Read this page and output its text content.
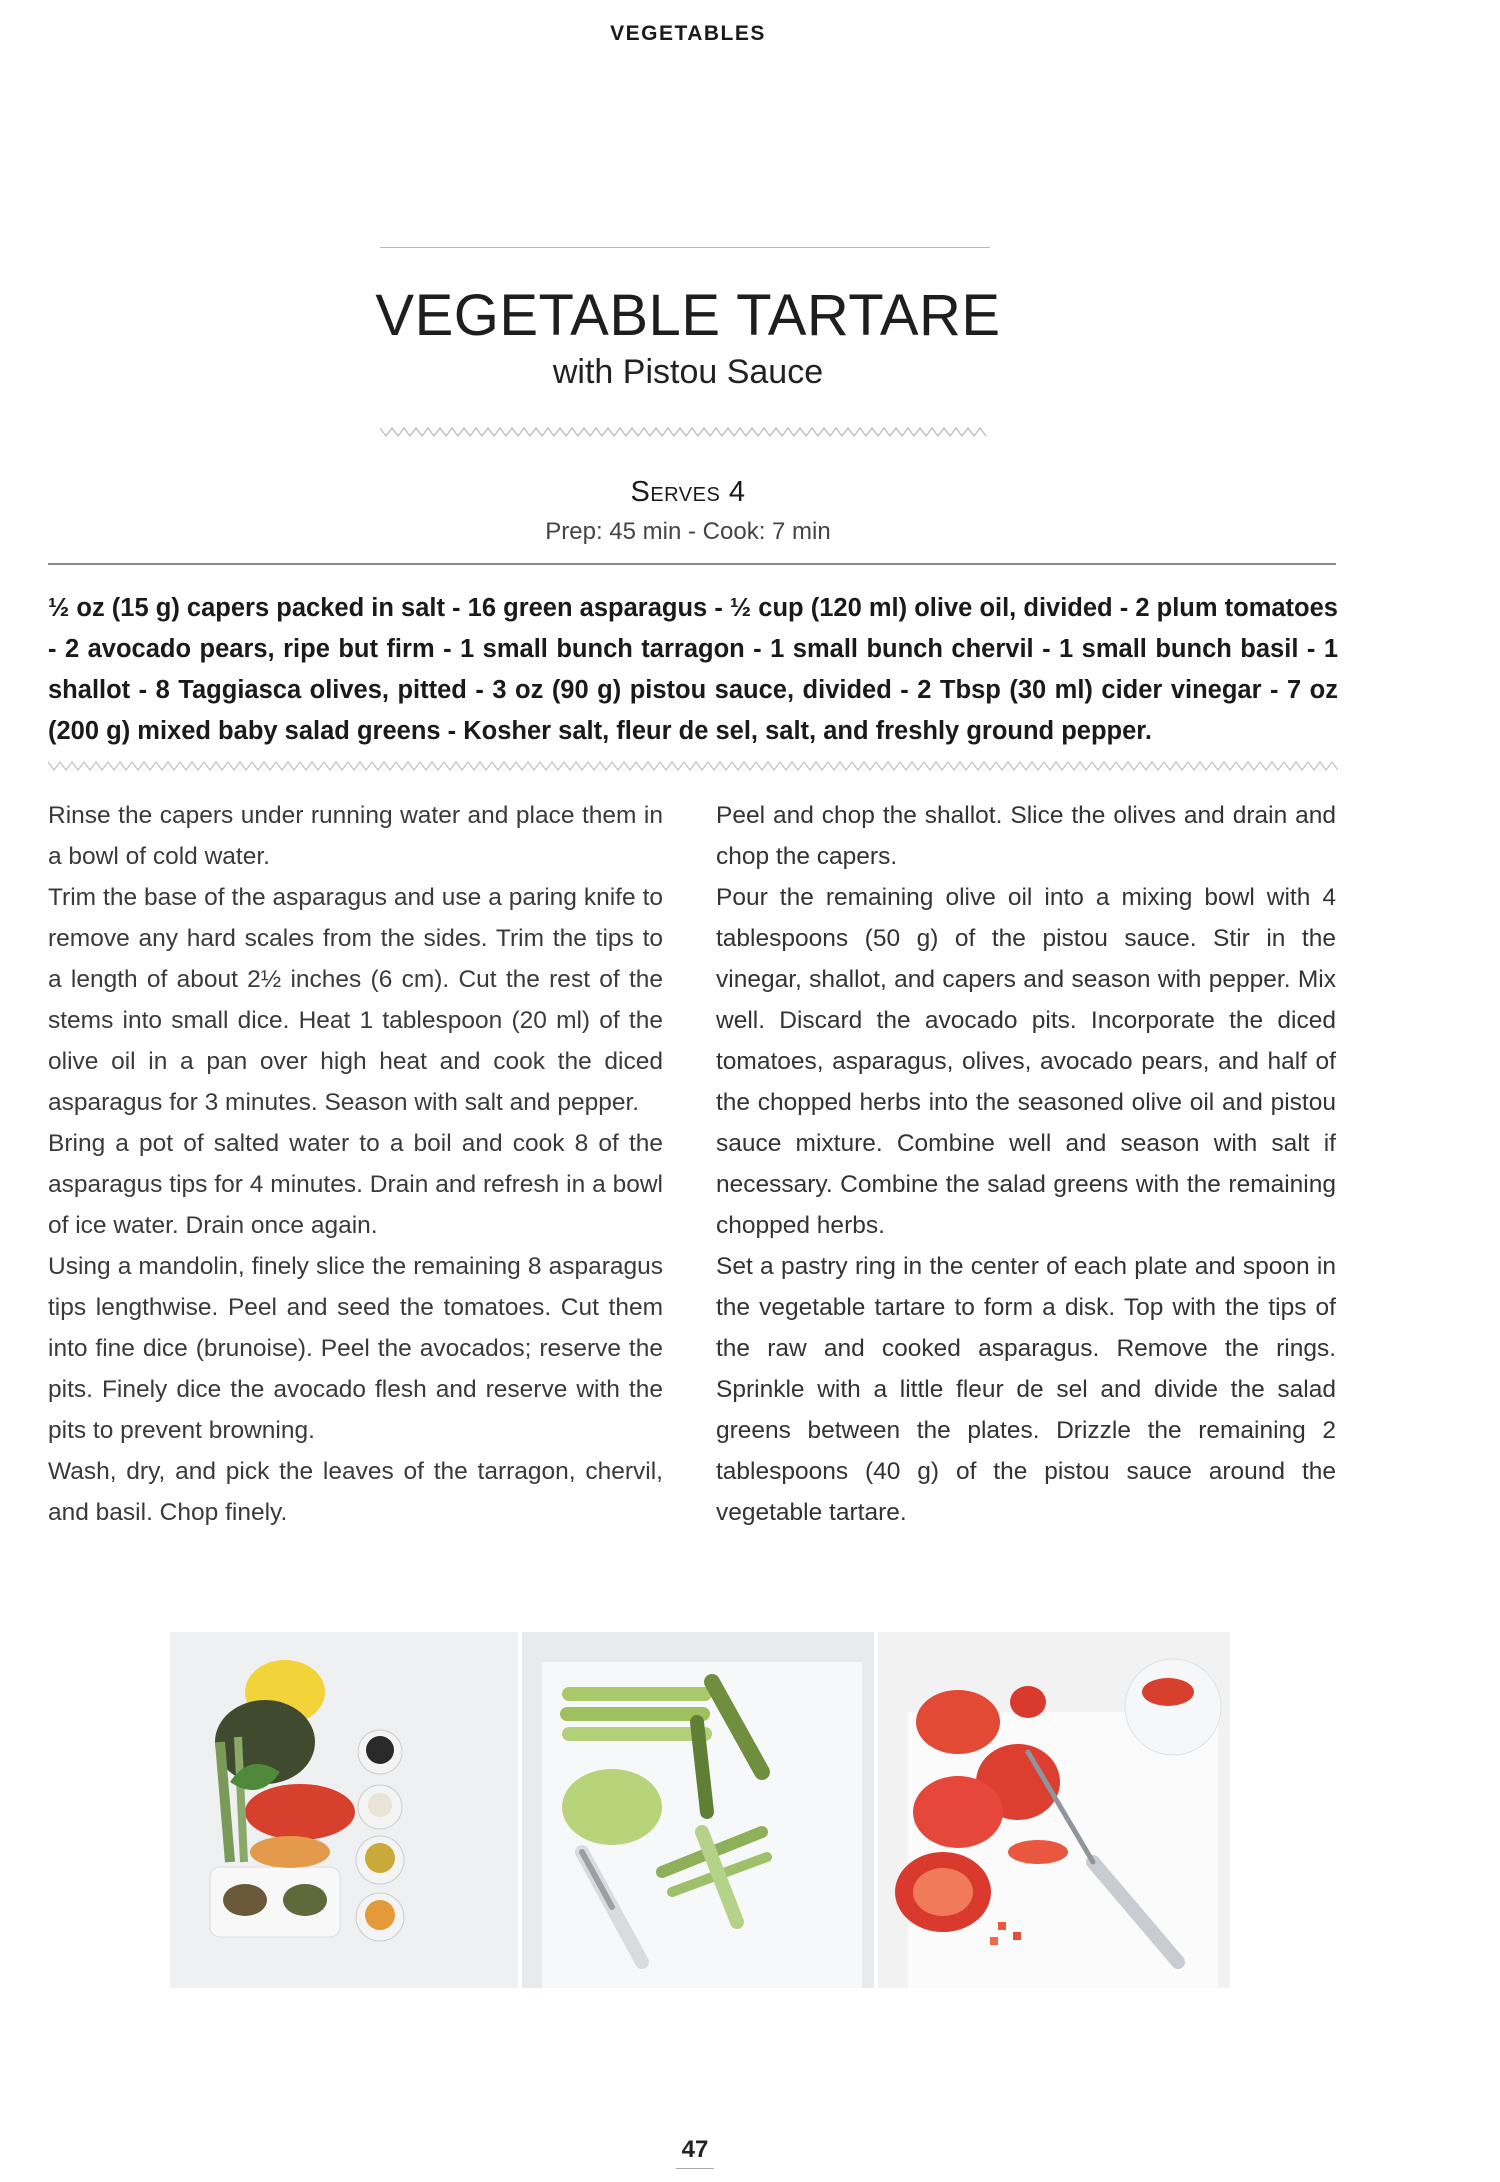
VEGETABLES
VEGETABLE TARTARE
with Pistou Sauce
Serves 4
Prep: 45 min - Cook: 7 min
½ oz (15 g) capers packed in salt - 16 green asparagus - ½ cup (120 ml) olive oil, divided - 2 plum tomatoes - 2 avocado pears, ripe but firm - 1 small bunch tarragon - 1 small bunch chervil - 1 small bunch basil - 1 shallot - 8 Taggiasca olives, pitted - 3 oz (90 g) pistou sauce, divided - 2 Tbsp (30 ml) cider vinegar - 7 oz (200 g) mixed baby salad greens - Kosher salt, fleur de sel, salt, and freshly ground pepper.

Rinse the capers under running water and place them in a bowl of cold water.

Trim the base of the asparagus and use a paring knife to remove any hard scales from the sides. Trim the tips to a length of about 2½ inches (6 cm). Cut the rest of the stems into small dice. Heat 1 tablespoon (20 ml) of the olive oil in a pan over high heat and cook the diced asparagus for 3 minutes. Season with salt and pepper.

Bring a pot of salted water to a boil and cook 8 of the asparagus tips for 4 minutes. Drain and refresh in a bowl of ice water. Drain once again.

Using a mandolin, finely slice the remaining 8 asparagus tips lengthwise. Peel and seed the tomatoes. Cut them into fine dice (brunoise). Peel the avocados; reserve the pits. Finely dice the avocado flesh and reserve with the pits to prevent browning.

Wash, dry, and pick the leaves of the tarragon, chervil, and basil. Chop finely.

Peel and chop the shallot. Slice the olives and drain and chop the capers.

Pour the remaining olive oil into a mixing bowl with 4 tablespoons (50 g) of the pistou sauce. Stir in the vinegar, shallot, and capers and season with pepper. Mix well. Discard the avocado pits. Incorporate the diced tomatoes, asparagus, olives, avocado pears, and half of the chopped herbs into the seasoned olive oil and pistou sauce mixture. Combine well and season with salt if necessary. Combine the salad greens with the remaining chopped herbs.

Set a pastry ring in the center of each plate and spoon in the vegetable tartare to form a disk. Top with the tips of the raw and cooked asparagus. Remove the rings. Sprinkle with a little fleur de sel and divide the salad greens between the plates. Drizzle the remaining 2 tablespoons (40 g) of the pistou sauce around the vegetable tartare.

47
